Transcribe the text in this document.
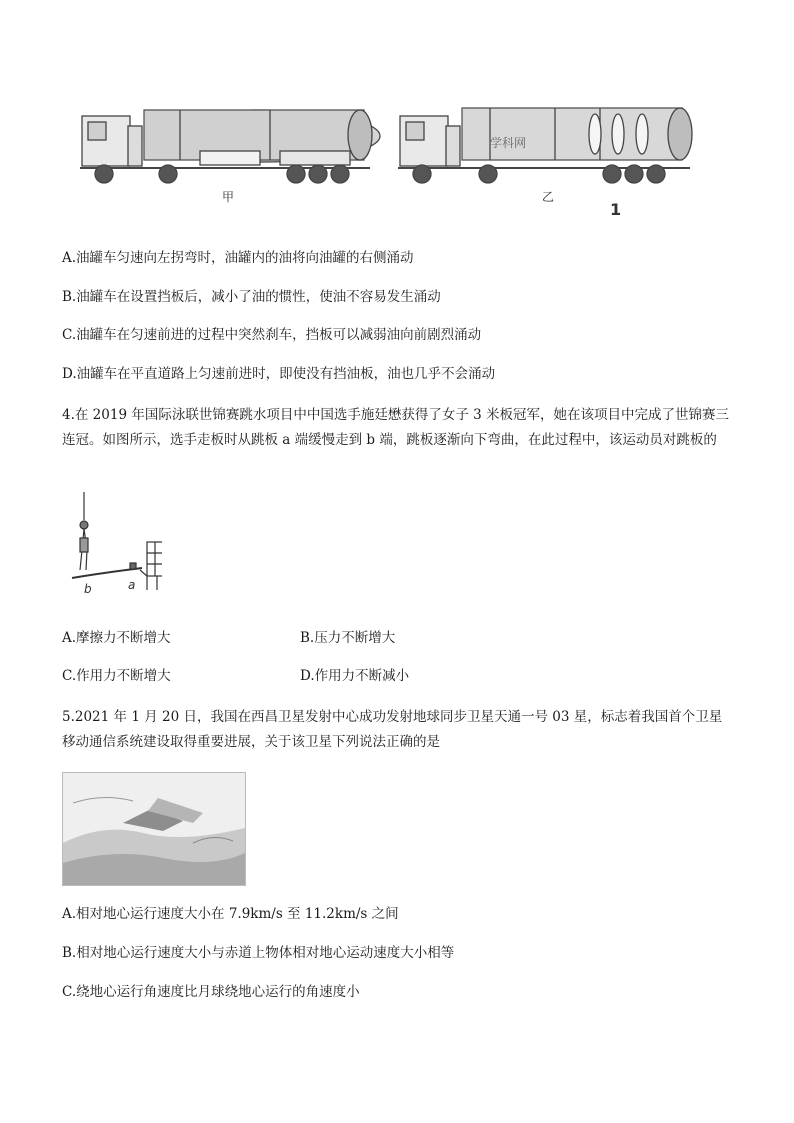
甲	乙
学科网
1
A.油罐车匀速向左拐弯时，油罐内的油将向油罐的右侧涌动
B.油罐车在设置挡板后，减小了油的惯性，使油不容易发生涌动
C.油罐车在匀速前进的过程中突然刹车，挡板可以减弱油向前剧烈涌动
D.油罐车在平直道路上匀速前进时，即使没有挡油板，油也几乎不会涌动
4.在 2019 年国际泳联世锦赛跳水项目中中国选手施廷懋获得了女子 3 米板冠军，她在该项目中完成了世锦赛三连冠。如图所示，选手走板时从跳板 a 端缓慢走到 b 端，跳板逐渐向下弯曲，在此过程中，该运动员对跳板的
b	a
A.摩擦力不断增大	B.压力不断增大
C.作用力不断增大	D.作用力不断减小
5.2021 年 1 月 20 日，我国在西昌卫星发射中心成功发射地球同步卫星天通一号 03 星，标志着我国首个卫星移动通信系统建设取得重要进展，关于该卫星下列说法正确的是
A.相对地心运行速度大小在 7.9km/s 至 11.2km/s 之间
B.相对地心运行速度大小与赤道上物体相对地心运动速度大小相等
C.绕地心运行角速度比月球绕地心运行的角速度小
